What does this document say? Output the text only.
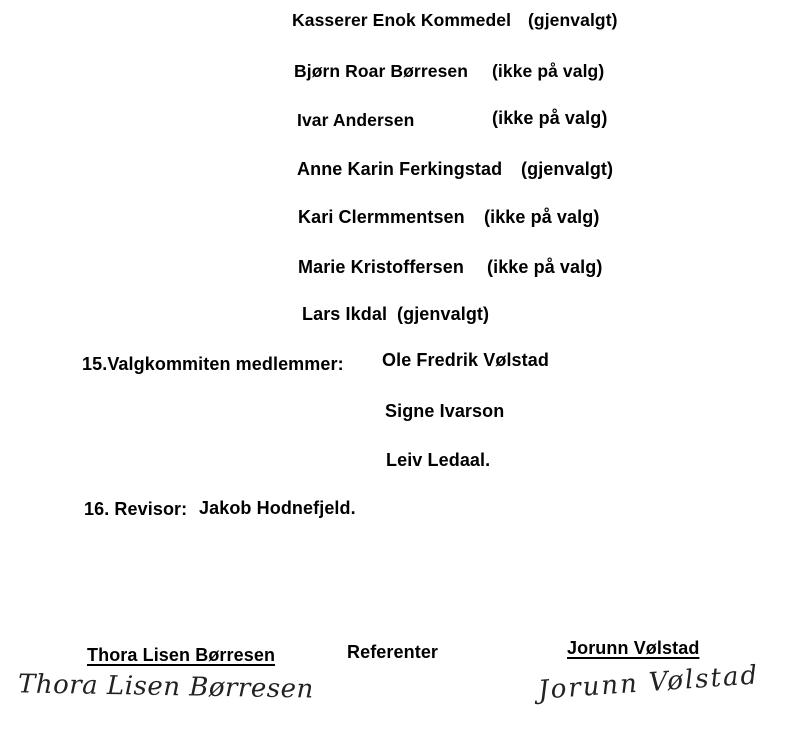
Kasserer Enok Kommedel (gjenvalgt)
Bjørn Roar Børresen (ikke på valg)
Ivar Andersen	(ikke på valg)
Anne Karin Ferkingstad (gjenvalgt)
Kari Clermmentsen (ikke på valg)
Marie Kristoffersen (ikke på valg)
Lars Ikdal (gjenvalgt)
15.Valgkommiten medlemmer: Ole Fredrik Vølstad
Signe Ivarson
Leiv Ledaal.
16. Revisor: Jakob Hodnefjeld.
Thora Lisen Børresen	Referenter	Jorunn Vølstad
Thora Lisen Børresen	Jorunn Vølstad
